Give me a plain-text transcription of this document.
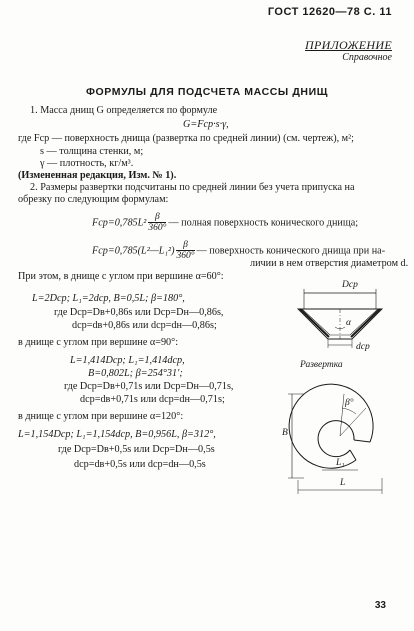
ГОСТ 12620—78 С. 11
ПРИЛОЖЕНИЕ
Справочное
ФОРМУЛЫ ДЛЯ ПОДСЧЕТА МАССЫ ДНИЩ
1. Масса днищ G определяется по формуле
G=Fср·s·γ,
где Fср — поверхность днища (развертка по средней линии) (см. чертеж), м²;
s — толщина стенки, м;
γ — плотность, кг/м³.
(Измененная редакция, Изм. № 1).
2. Размеры развертки подсчитаны по средней линии без учета припуска на
обрезку по следующим формулам:
$Fср=0,785L^2 \frac{\beta}{360^\circ}$ — полная поверхность конического днища;
Fср=0,785(L²—L₁²) $\frac{\beta}{360^\circ}$ — поверхность конического днища при на-
личии в нем отверстия диаметром d.
При этом, в днище с углом при вершине α=60°:
L=2Dср; L₁=2dср, B=0,5L; β=180°,
где Dср=Dв+0,86s или Dср=Dн—0,86s,
dср=dв+0,86s или dср=dн—0,86s;
в днище с углом при вершине α=90°:
L=1,414Dср; L₁=1,414dср,
B=0,802L; β=254°31′;
где Dср=Dв+0,71s или Dср=Dн—0,71s,
dср=dв+0,71s или dср=dн—0,71s;
в днище с углом при вершине α=120°:
L=1,154Dср; L₁=1,154dср, B=0,956L, β=312°,
где Dср=Dв+0,5s или Dср=Dн—0,5s
dср=dв+0,5s или dср=dн—0,5s
Dср
α
dср
Развертка
β°
B
L₁
L
33
